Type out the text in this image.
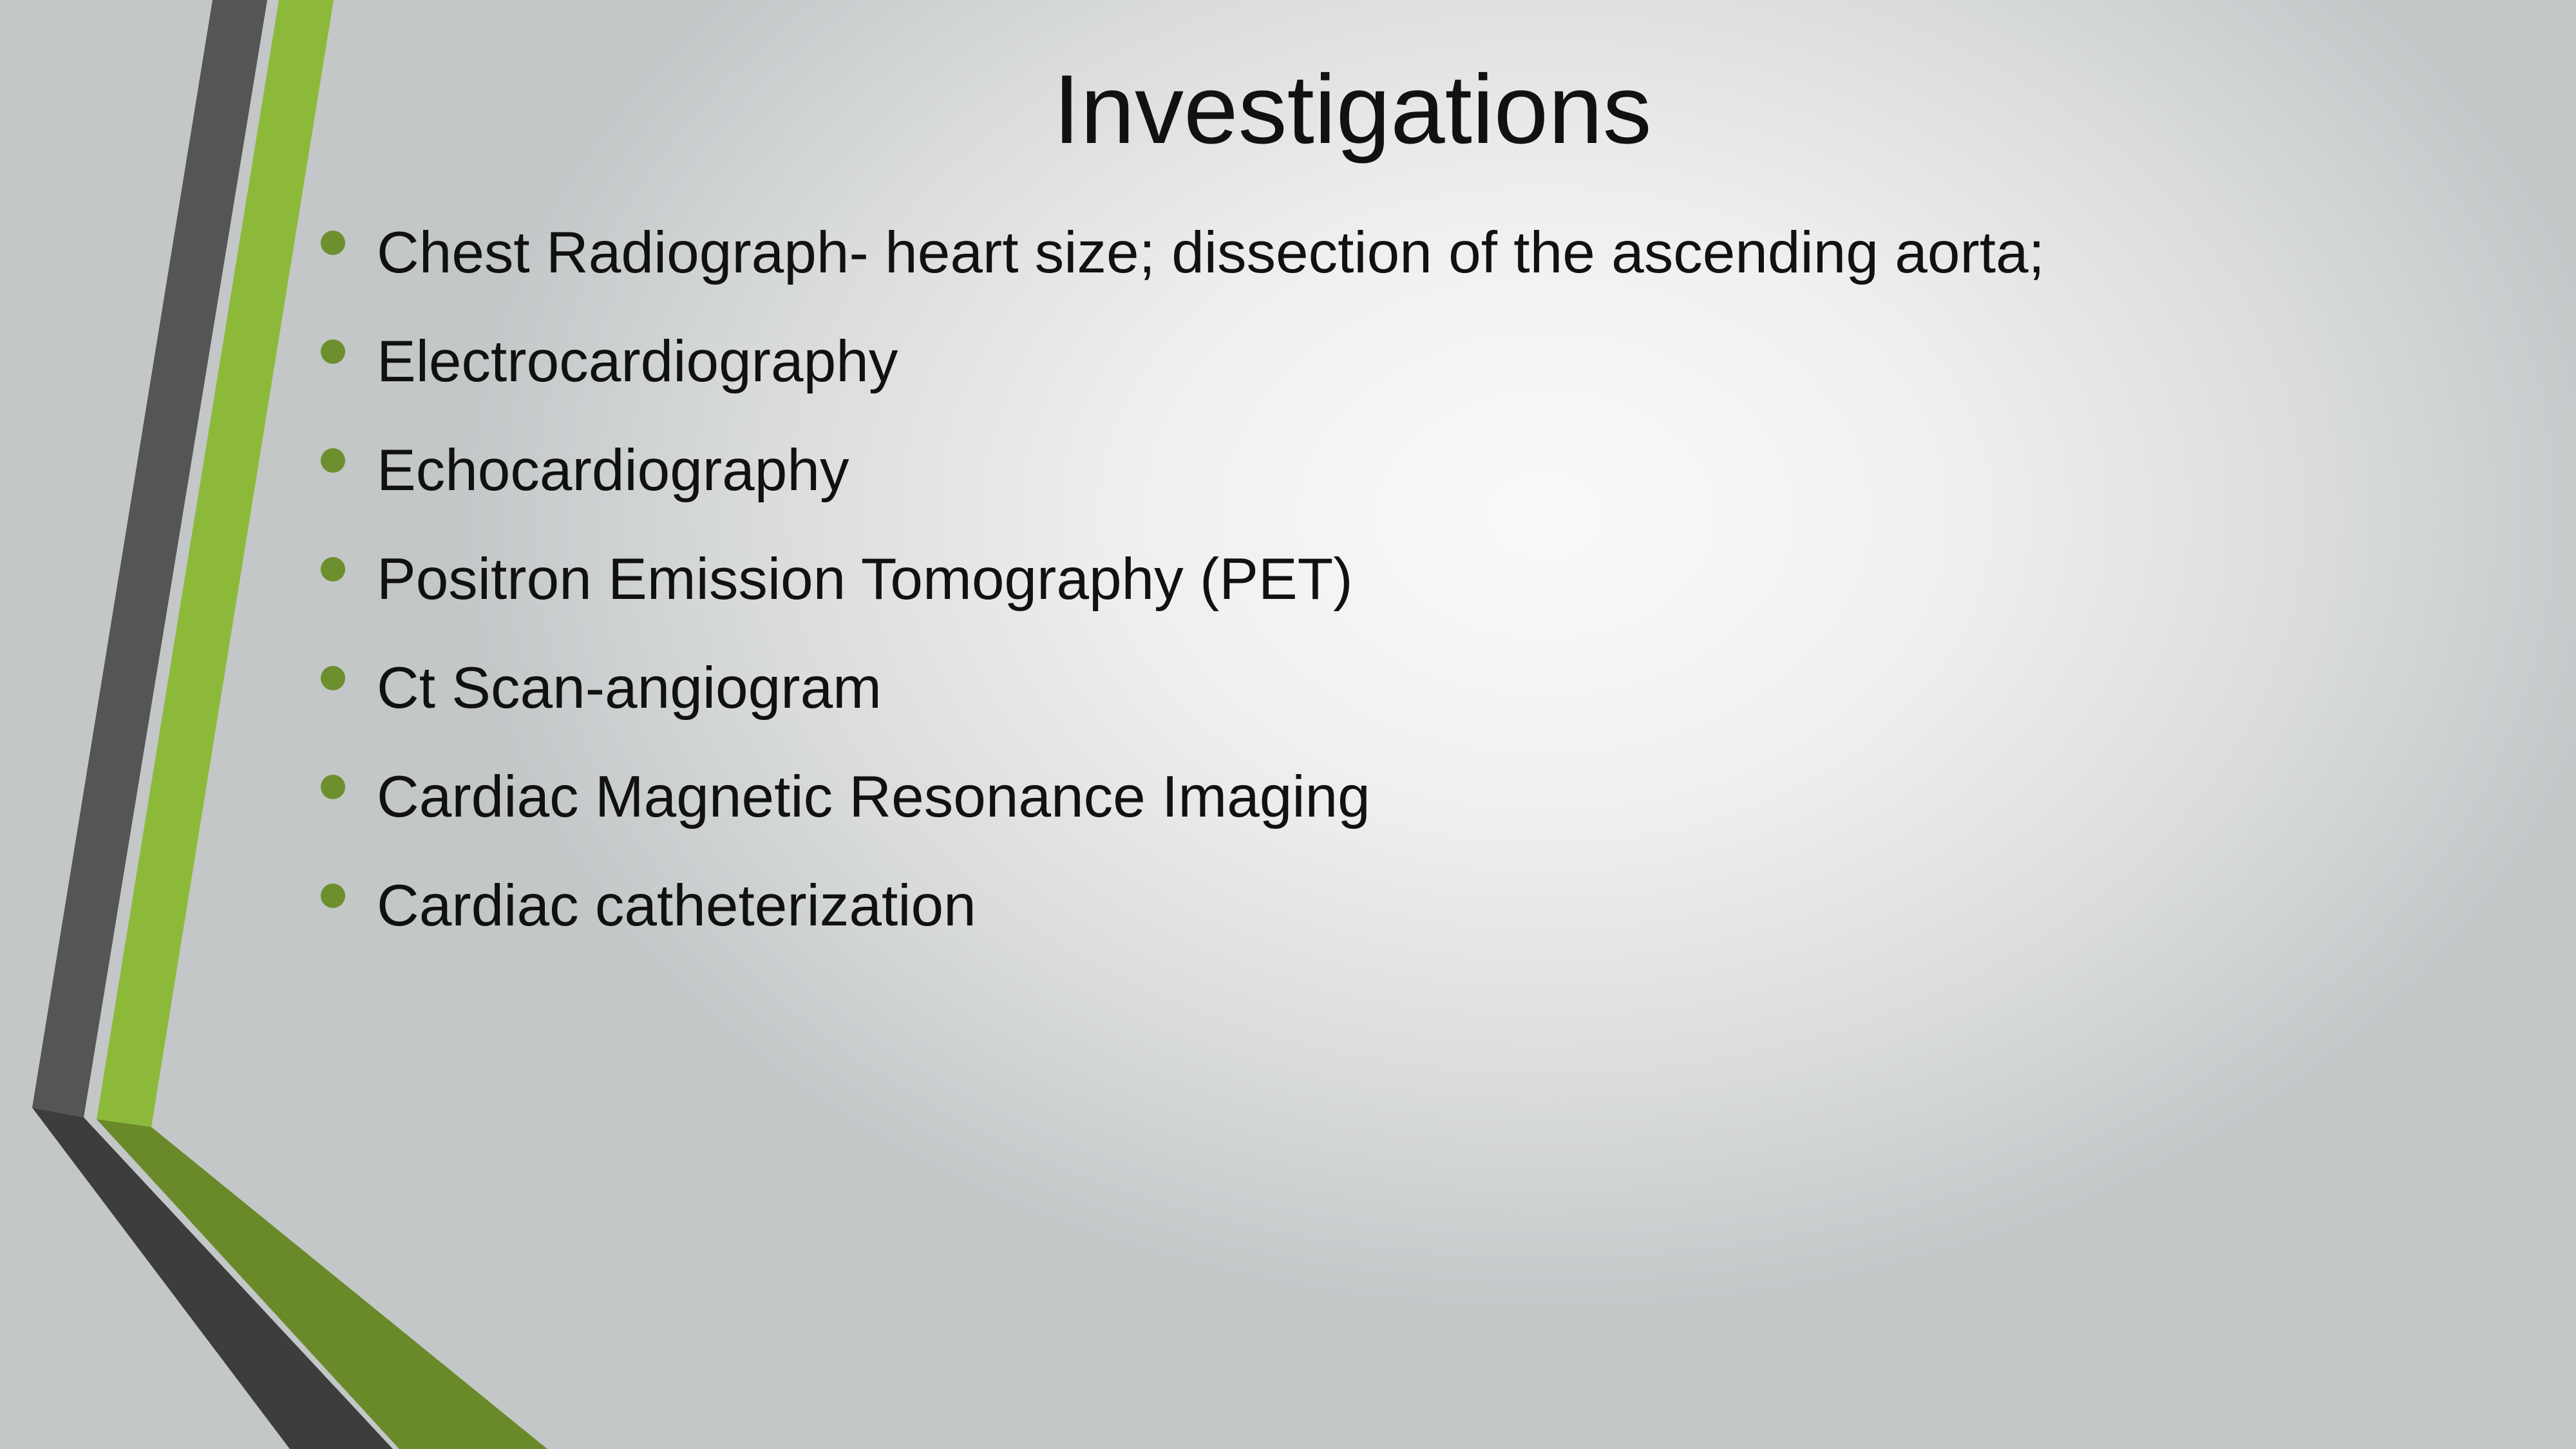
Investigations
Chest Radiograph- heart size; dissection of the ascending aorta;
Electrocardiography
Echocardiography
Positron Emission Tomography (PET)
Ct Scan-angiogram
Cardiac Magnetic Resonance Imaging
Cardiac catheterization
